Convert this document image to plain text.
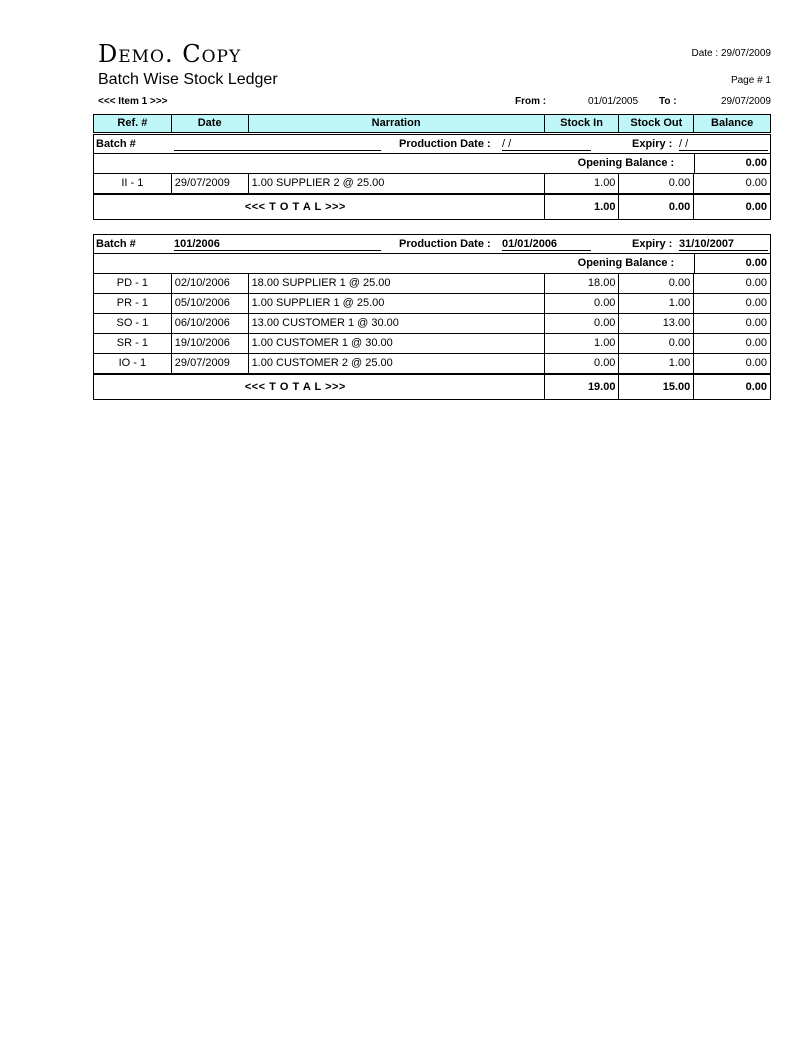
Demo. Copy
Batch Wise Stock Ledger
Date : 29/07/2009
Page # 1
<<< Item 1 >>>	From :	01/01/2005 To :	29/07/2009
Ref. #	Date	Narration	Stock In	Stock Out	Balance
Batch #	Production Date : / /	Expiry : / /
Opening Balance :	0.00
II - 1	29/07/2009	1.00 SUPPLIER 2 @ 25.00	1.00	0.00	0.00
<<< T O T A L >>>	1.00	0.00	0.00
Batch #	101/2006	Production Date : 01/01/2006	Expiry : 31/10/2007
Opening Balance :	0.00
PD - 1	02/10/2006	18.00 SUPPLIER 1 @ 25.00	18.00	0.00	0.00
PR - 1	05/10/2006	1.00 SUPPLIER 1 @ 25.00	0.00	1.00	0.00
SO - 1	06/10/2006	13.00 CUSTOMER 1 @ 30.00	0.00	13.00	0.00
SR - 1	19/10/2006	1.00 CUSTOMER 1 @ 30.00	1.00	0.00	0.00
IO - 1	29/07/2009	1.00 CUSTOMER 2 @ 25.00	0.00	1.00	0.00
<<< T O T A L >>>	19.00	15.00	0.00
